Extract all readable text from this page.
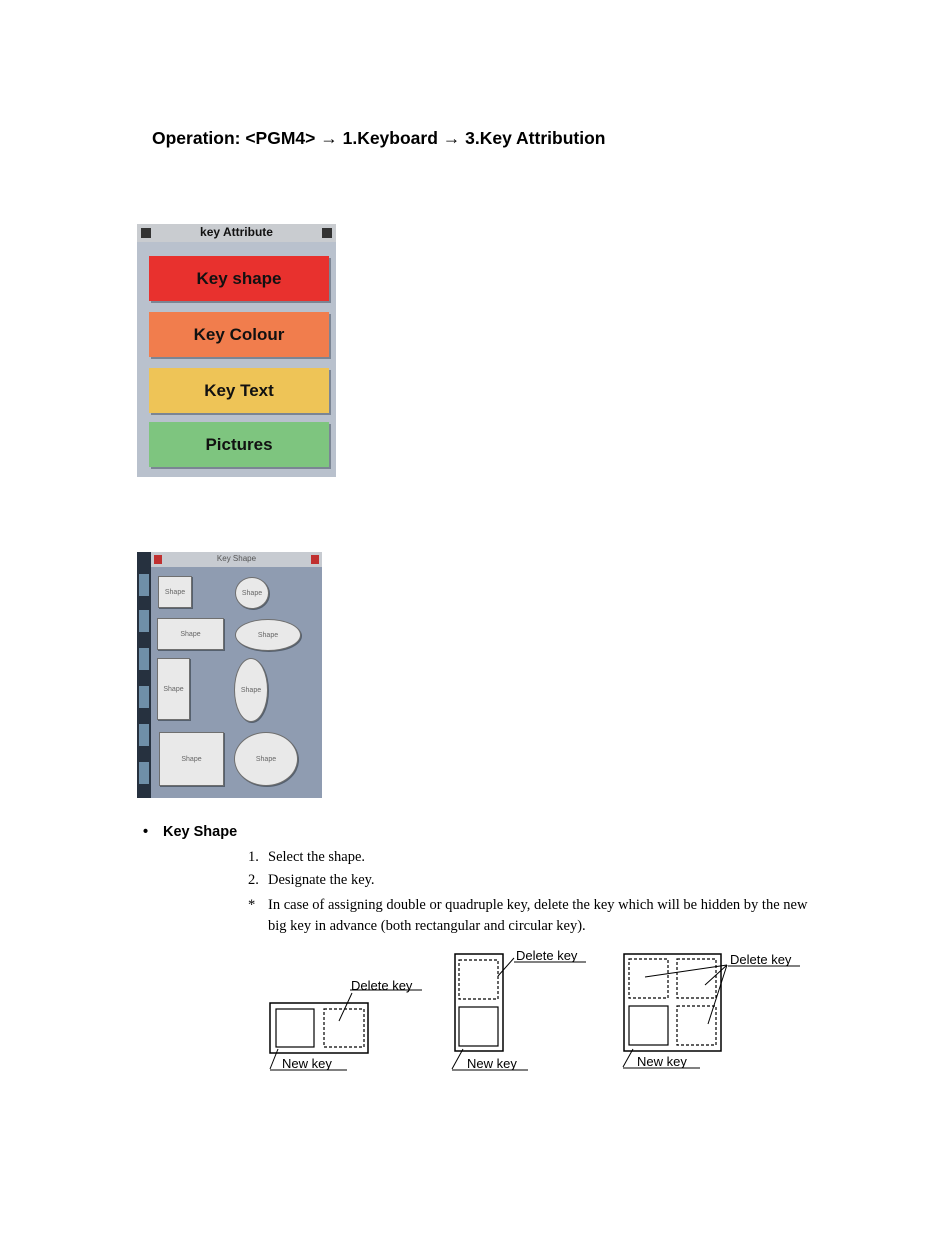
Operation: <PGM4> → 1.Keyboard → 3.Key Attribution
key Attribute
Key shape
Key Colour
Key Text
Pictures
Key Shape
Shape	Shape
Shape	Shape
Shape	Shape
Shape	Shape
• Key Shape
1. Select the shape.
2. Designate the key.
* In case of assigning double or quadruple key, delete the key which will be hidden by the new big key in advance (both rectangular and circular key).
Delete key
New key
Delete key
New key
Delete key
New key
